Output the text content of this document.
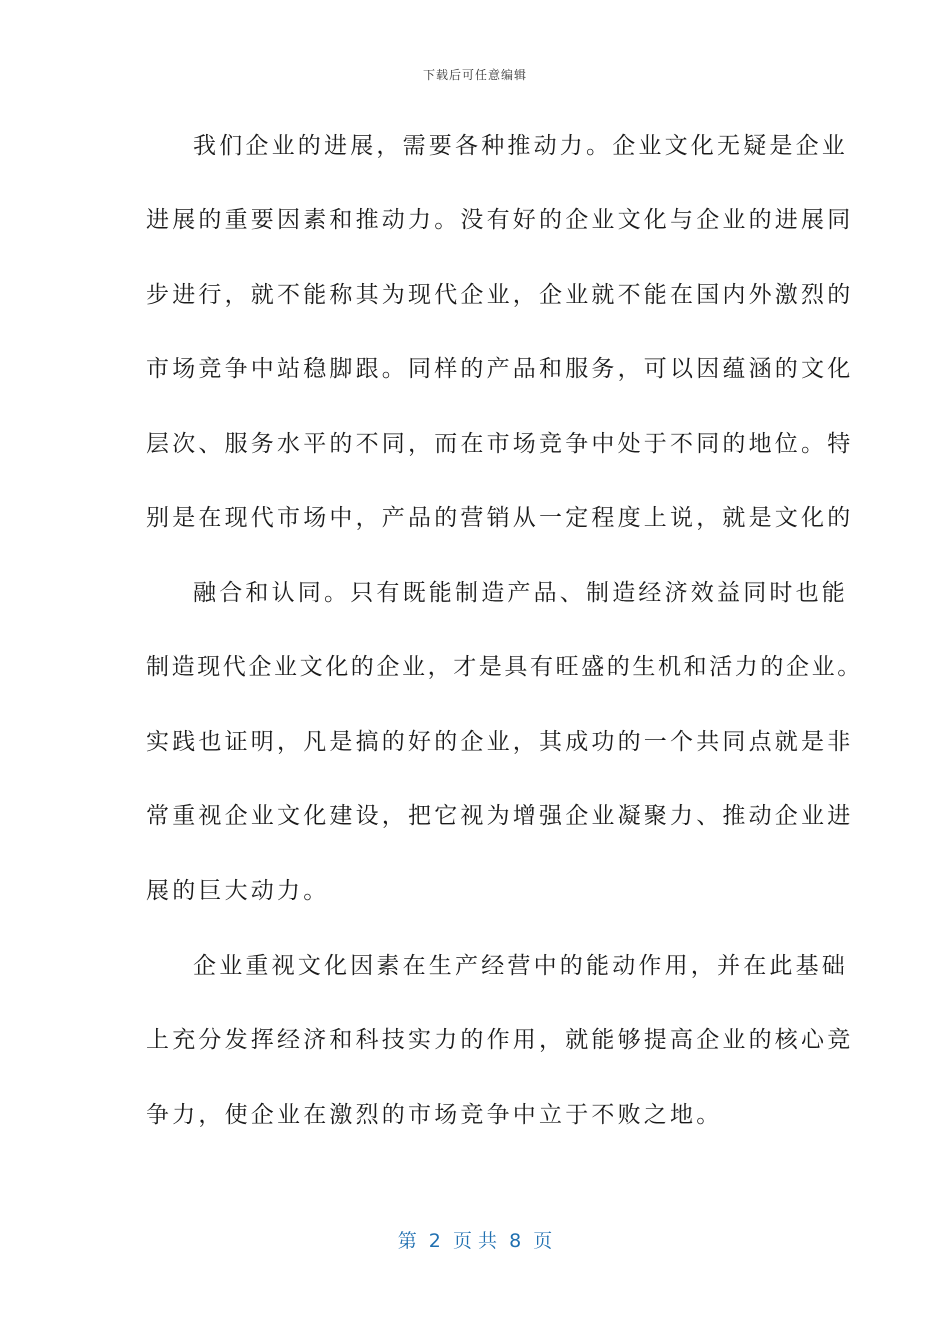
下载后可任意编辑
我们企业的进展，需要各种推动力。企业文化无疑是企业
进展的重要因素和推动力。没有好的企业文化与企业的进展同
步进行，就不能称其为现代企业，企业就不能在国内外激烈的
市场竞争中站稳脚跟。同样的产品和服务，可以因蕴涵的文化
层次、服务水平的不同，而在市场竞争中处于不同的地位。特
别是在现代市场中，产品的营销从一定程度上说，就是文化的
融合和认同。只有既能制造产品、制造经济效益同时也能
制造现代企业文化的企业，才是具有旺盛的生机和活力的企业。
实践也证明，凡是搞的好的企业，其成功的一个共同点就是非
常重视企业文化建设，把它视为增强企业凝聚力、推动企业进
展的巨大动力。
企业重视文化因素在生产经营中的能动作用，并在此基础
上充分发挥经济和科技实力的作用，就能够提高企业的核心竞
争力，使企业在激烈的市场竞争中立于不败之地。
第  2  页 共  8  页
